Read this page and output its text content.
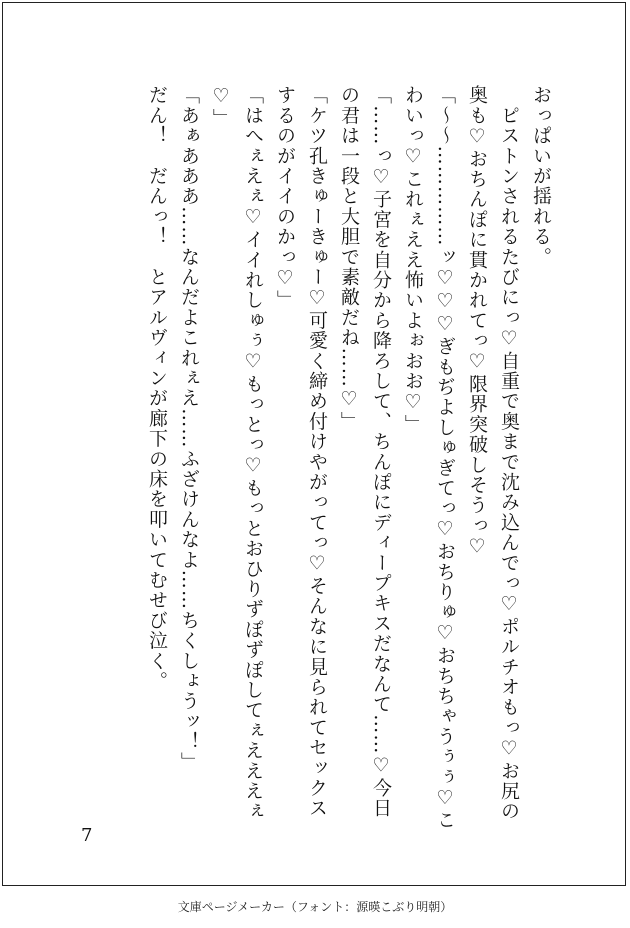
おっぱいが揺れる。
　ピストンされるたびにっ♡自重で奥まで沈み込んでっ♡ポルチオもっ♡お尻の
奥も♡おちんぽに貫かれてっ♡限界突破しそうっ♡
「〜〜……………ッ♡♡♡ぎもぢよしゅぎてっ♡おちりゅ♡おちちゃうぅぅ♡こ
わいっ♡これぇええ怖いよぉおお♡」
「……っ♡子宮を自分から降ろして、ちんぽにディープキスだなんて……♡今日
の君は一段と大胆で素敵だね……♡」
「ケツ孔きゅーきゅー♡可愛く締め付けやがってっ♡そんなに見られてセックス
するのがイイのかっ♡」
「はへぇえぇ♡イイれしゅぅ♡もっとっ♡もっとおひりずぽずぽしてぇえええぇ
♡」
「あぁあああ……なんだよこれぇえ……ふざけんなよ……ちくしょうッ！」
だん！　だんっ！　とアルヴィンが廊下の床を叩いてむせび泣く。
7
文庫ページメーカー（フォント：源暎こぶり明朝）
